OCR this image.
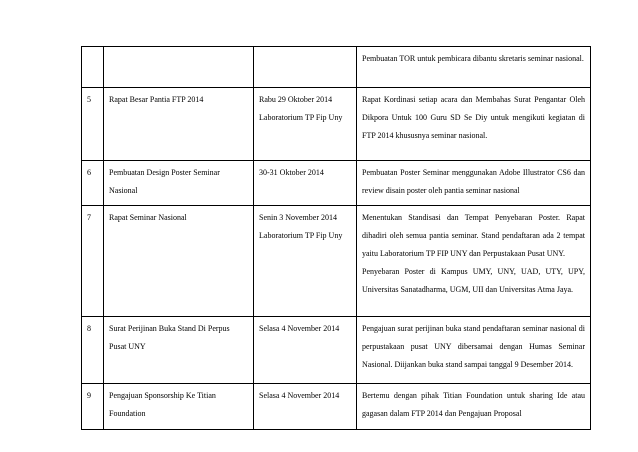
			Pembuatan TOR untuk pembicara dibantu skretaris seminar nasional.
5	Rapat Besar Pantia FTP 2014	Rabu 29 Oktober 2014 Laboratorium TP Fip Uny	Rapat Kordinasi setiap acara dan Membahas Surat Pengantar Oleh Dikpora Untuk 100 Guru SD Se Diy untuk mengikuti kegiatan di FTP 2014 khususnya seminar nasional.
6	Pembuatan Design Poster Seminar Nasional	30-31 Oktober 2014	Pembuatan Poster Seminar menggunakan Adobe Illustrator CS6 dan review disain poster oleh pantia seminar nasional
7	Rapat Seminar Nasional	Senin 3 November 2014 Laboratorium TP Fip Uny	Menentukan Standisasi dan Tempat Penyebaran Poster. Rapat dihadiri oleh semua pantia seminar. Stand pendaftaran ada 2 tempat yaitu Laboratorium TP FIP UNY dan Perpustakaan Pusat UNY.
Penyebaran Poster di Kampus UMY, UNY, UAD, UTY, UPY, Universitas Sanatadharma, UGM, UII dan Universitas Atma Jaya.

8	Surat Perijinan Buka Stand Di Perpus Pusat UNY	Selasa 4 November 2014	Pengajuan surat perijinan buka stand pendaftaran seminar nasional di perpustakaan pusat UNY dibersamai dengan Humas Seminar Nasional. Diijankan buka stand sampai tanggal 9 Desember 2014.
9	Pengajuan Sponsorship Ke Titian Foundation	Selasa 4 November 2014	Bertemu dengan pihak Titian Foundation untuk sharing Ide atau gagasan dalam FTP 2014 dan Pengajuan Proposal
